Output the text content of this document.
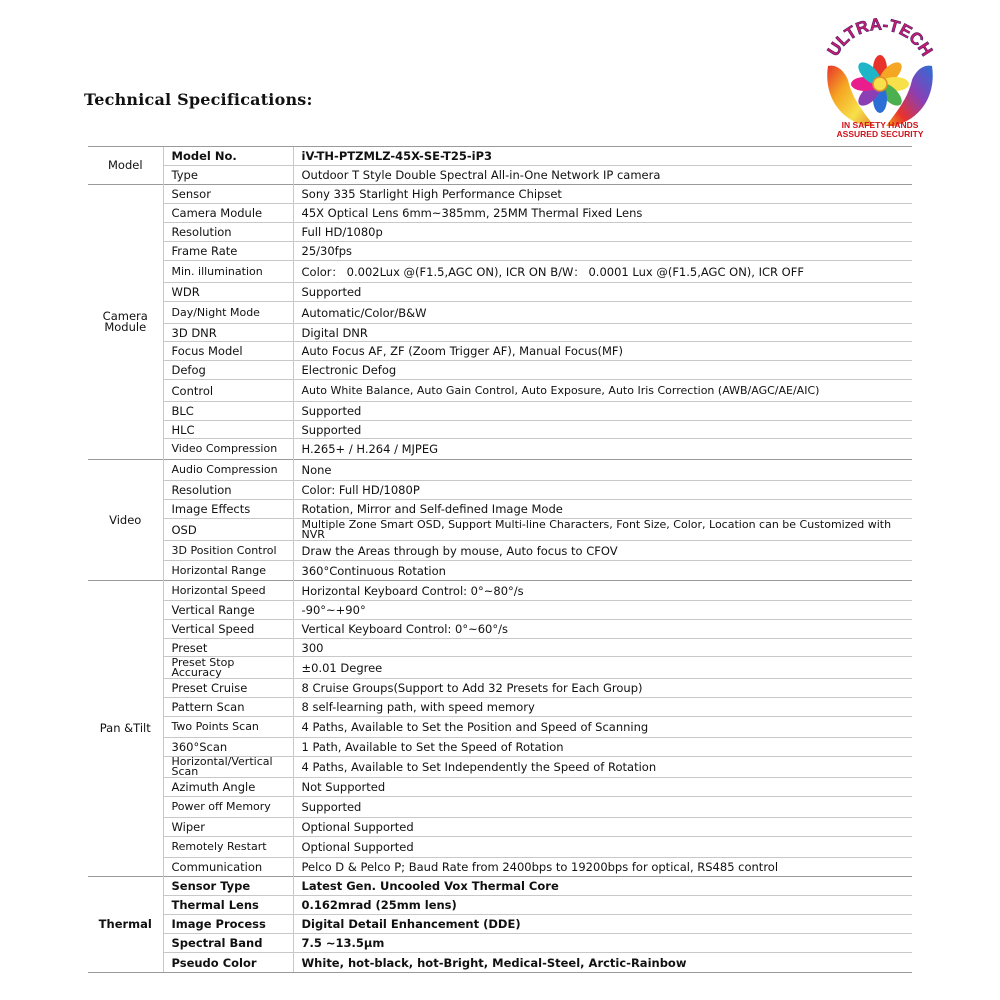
Technical Specifications:
ULTRA-TECH
IN SAFETY HANDS
ASSURED SECURITY
Model	Model No.	iV-TH-PTZMLZ-45X-SE-T25-iP3
	Type	Outdoor T Style Double Spectral All-in-One Network IP camera

Camera
Module	Sensor	Sony 335 Starlight High Performance Chipset
	Camera Module	45X Optical Lens 6mm~385mm, 25MM Thermal Fixed Lens
	Resolution	Full HD/1080p
	Frame Rate	25/30fps
	Min. illumination	Color： 0.002Lux @(F1.5,AGC ON), ICR ON B/W： 0.0001 Lux @(F1.5,AGC ON), ICR OFF
	WDR	Supported
	Day/Night Mode	Automatic/Color/B&W
	3D DNR	Digital DNR
	Focus Model	Auto Focus AF, ZF (Zoom Trigger AF), Manual Focus(MF)
	Defog	Electronic Defog
	Control	Auto White Balance, Auto Gain Control, Auto Exposure, Auto Iris Correction (AWB/AGC/AE/AIC)
	BLC	Supported
	HLC	Supported
	Video Compression	H.265+ / H.264 / MJPEG

Video	Audio Compression	None
	Resolution	Color: Full HD/1080P
	Image Effects	Rotation, Mirror and Self-defined Image Mode
	OSD	Multiple Zone Smart OSD, Support Multi-line Characters, Font Size, Color, Location can be Customized with NVR
	3D Position Control	Draw the Areas through by mouse, Auto focus to CFOV
	Horizontal Range	360°Continuous Rotation

Pan &Tilt	Horizontal Speed	Horizontal Keyboard Control: 0°~80°/s
	Vertical Range	-90°~+90°
	Vertical Speed	Vertical Keyboard Control: 0°~60°/s
	Preset	300
	Preset Stop Accuracy	±0.01 Degree
	Preset Cruise	8 Cruise Groups(Support to Add 32 Presets for Each Group)
	Pattern Scan	8 self-learning path, with speed memory
	Two Points Scan	4 Paths, Available to Set the Position and Speed of Scanning
	360°Scan	1 Path, Available to Set the Speed of Rotation
	Horizontal/Vertical Scan	4 Paths, Available to Set Independently the Speed of Rotation
	Azimuth Angle	Not Supported
	Power off Memory	Supported
	Wiper	Optional Supported
	Remotely Restart	Optional Supported
	Communication	Pelco D & Pelco P; Baud Rate from 2400bps to 19200bps for optical, RS485 control

Thermal	Sensor Type	Latest Gen. Uncooled Vox Thermal Core
	Thermal Lens	0.162mrad (25mm lens)
	Image Process	Digital Detail Enhancement (DDE)
	Spectral Band	7.5 ~13.5μm
	Pseudo Color	White, hot-black, hot-Bright, Medical-Steel, Arctic-Rainbow
